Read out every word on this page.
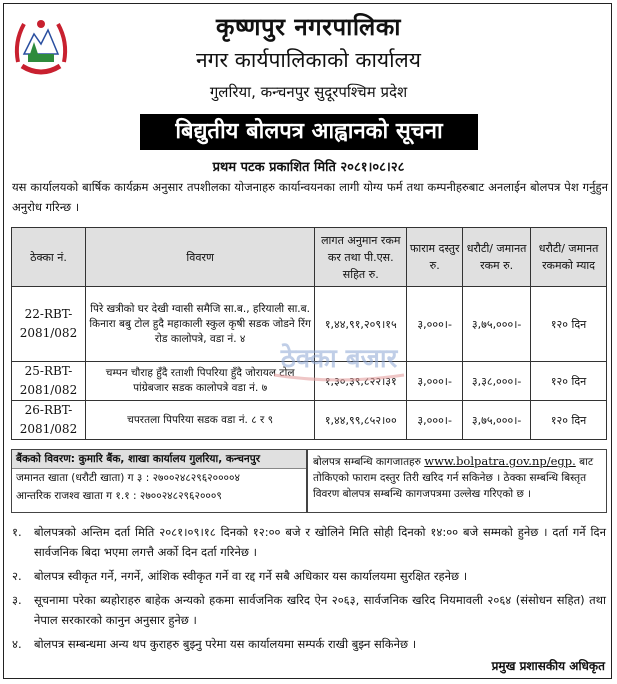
कृष्णपुर नगरपालिका
नगर कार्यपालिकाको कार्यालय
गुलरिया, कन्चनपुर सुदूरपश्चिम प्रदेश
बिद्युतीय बोलपत्र आह्वानको सूचना
प्रथम पटक प्रकाशित मिति २०८१।०८।२८
यस कार्यालयको बार्षिक कार्यक्रम अनुसार तपशीलका योजनाहरु कार्यान्वयनका लागी योग्य फर्म तथा कम्पनीहरुबाट अनलाईन बोलपत्र पेश गर्नुहुन अनुरोध गरिन्छ ।
ठेक्का नं.	विवरण	लागत अनुमान रकम कर तथा पी.एस. सहित रु.	फाराम दस्तुर रु.	धरौटी/ जमानत रकम रु.	धरौटी/ जमानत रकमको म्याद
22-RBT-2081/082	पिरे खत्रीको घर देखी ग्वासी समैजि सा.ब., हरियाली सा.ब. किनारा बबु टोल हुदै महाकाली स्कुल कृषी सडक जोडने रिंग रोड कालोपत्रे, वडा नं. ४	१,४४,९१,२०९।१५	३,०००।-	३,७५,०००।-	१२० दिन
25-RBT-2081/082	चम्पन चौराह हुँदै रताशी पिपरिया हुँदै जोरायल टोल पांग्रेबजार सडक कालोपत्रे वडा नं. ७	१,३०,३९,८२२।३१	३,०००।-	३,३८,०००।-	१२० दिन
26-RBT-2081/082	चपरतला पिपरिया सडक वडा नं. ८ र ९	१,४४,९९,८५२।००	३,०००।-	३,७५,०००।-	१२० दिन
ठेक्का बजार
बैंकको विवरण: कुमारि बैंक, शाखा कार्यालय गुलरिया, कन्चनपुर
जमानत खाता (धरौटी खाता) ग ३ : २७००२४८२९६२००००४
आन्तरिक राजश्व खाता ग १.१ : २७००२४८२९६२०००९
बोलपत्र सम्बन्धि कागजातहरु www.bolpatra.gov.np/egp. बाट तोकिएको फाराम दस्तुर तिरी खरिद गर्न सकिनेछ । ठेक्का सम्बन्धि बिस्तृत विवरण बोलपत्र सम्बन्धि कागजपत्रमा उल्लेख गरिएको छ ।
१.	बोलपत्रको अन्तिम दर्ता मिति २०८१।०९।१८ दिनको १२:०० बजे र खोलिने मिति सोही दिनको १४:०० बजे सम्मको हुनेछ । दर्ता गर्ने दिन सार्वजनिक बिदा भएमा लगत्तै अर्को दिन दर्ता गरिनेछ ।
२.	बोलपत्र स्वीकृत गर्ने, नगर्ने, आंशिक स्वीकृत गर्ने वा रद्द गर्ने सबै अधिकार यस कार्यालयमा सुरक्षित रहनेछ ।
३.	सूचनामा परेका ब्यहोराहरु बाहेक अन्यको हकमा सार्वजनिक खरिद ऐन २०६३, सार्वजनिक खरिद नियमावली २०६४ (संसोधन सहित) तथा नेपाल सरकारको कानुन अनुसार हुनेछ ।
४.	बोलपत्र सम्बन्धमा अन्य थप कुराहरु बुझ्नु परेमा यस कार्यालयमा सम्पर्क राखी बुझ्न सकिनेछ ।
प्रमुख प्रशासकीय अधिकृत
